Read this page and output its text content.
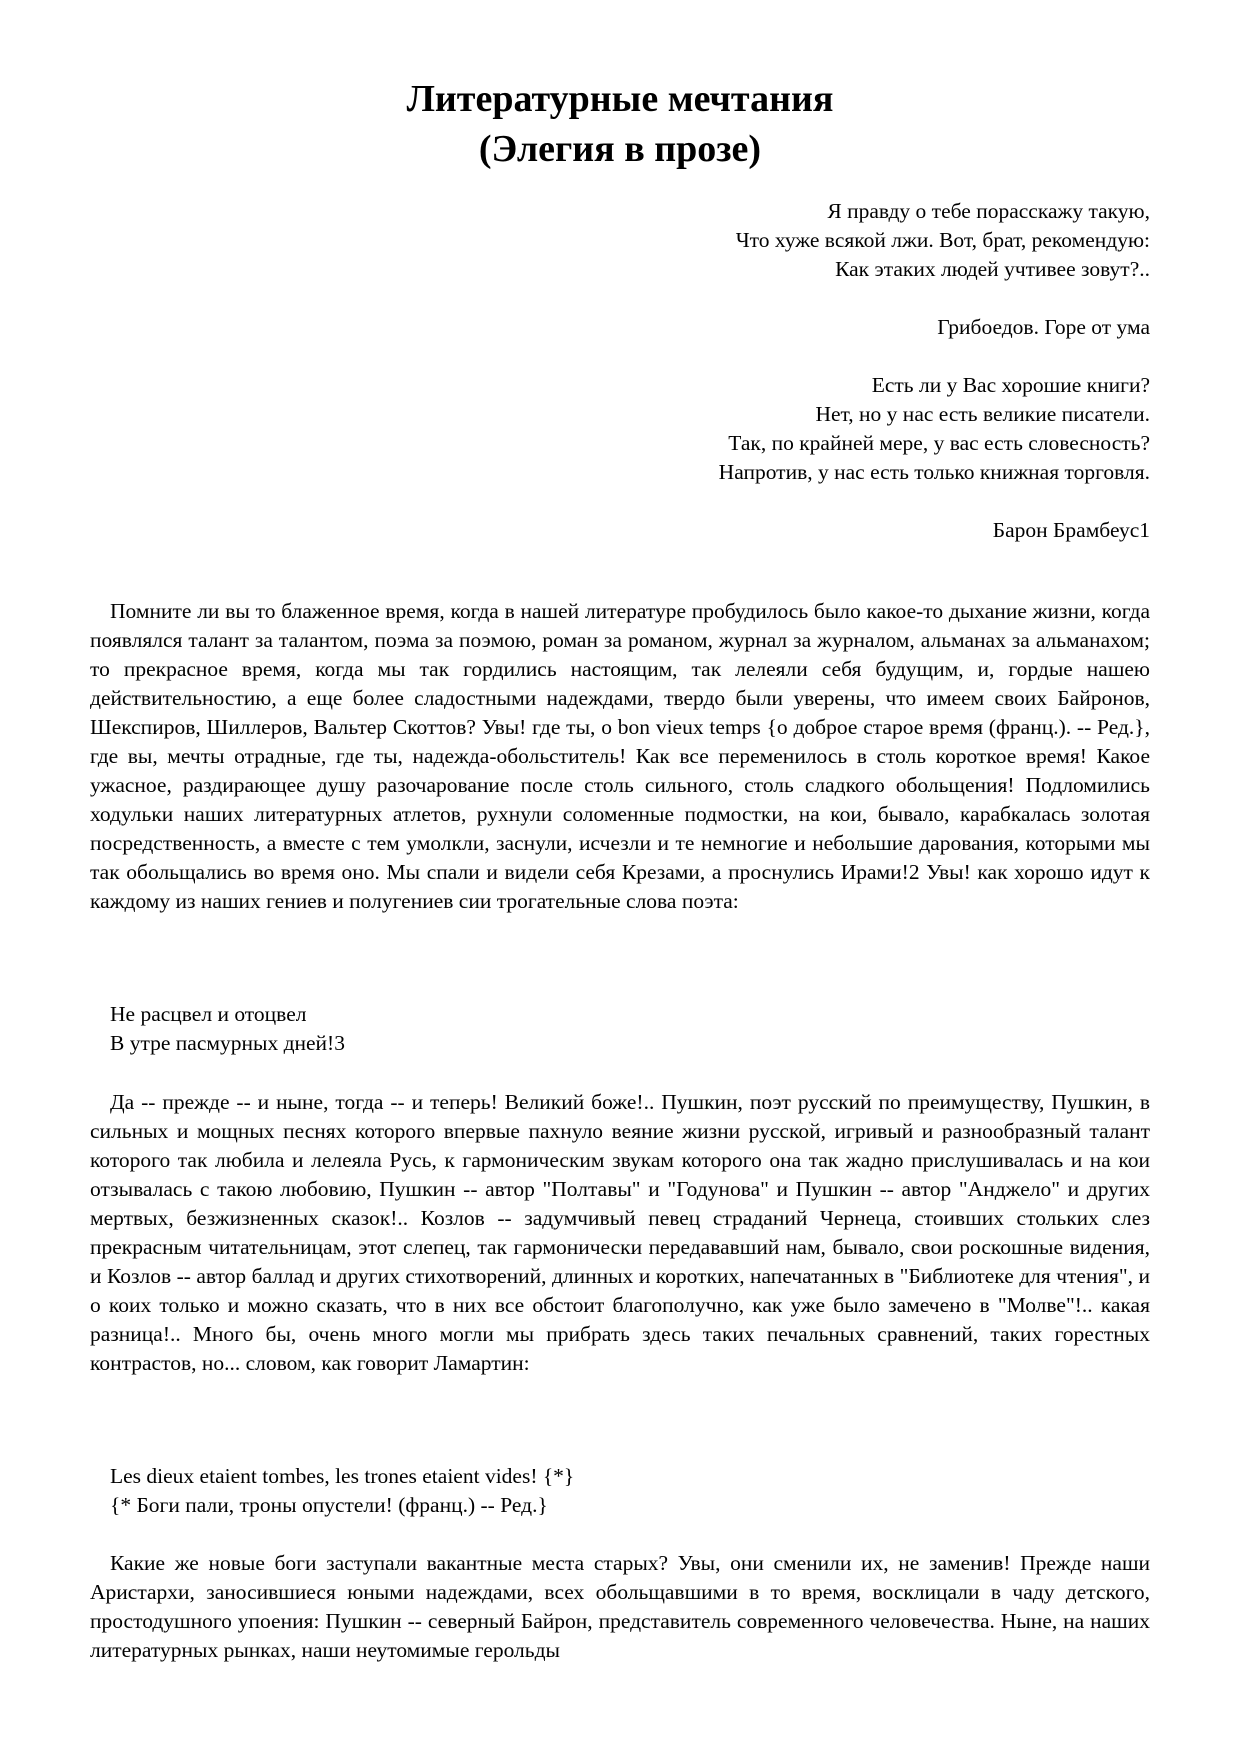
Литературные мечтания
(Элегия в прозе)
Я правду о тебе порасскажу такую,
Что хуже всякой лжи. Вот, брат, рекомендую:
Как этаких людей учтивее зовут?..
Грибоедов. Горе от ума
Есть ли у Вас хорошие книги?
Нет, но у нас есть великие писатели.
Так, по крайней мере, у вас есть словесность?
Напротив, у нас есть только книжная торговля.
Барон Брамбеус1

Помните ли вы то блаженное время, когда в нашей литературе пробудилось было какое-то дыхание жизни, когда появлялся талант за талантом, поэма за поэмою, роман за романом, журнал за журналом, альманах за альманахом; то прекрасное время, когда мы так гордились настоящим, так лелеяли себя будущим, и, гордые нашею действительностию, а еще более сладостными надеждами, твердо были уверены, что имеем своих Байронов, Шекспиров, Шиллеров, Вальтер Скоттов? Увы! где ты, о bon vieux temps {о доброе старое время (франц.). -- Ред.}, где вы, мечты отрадные, где ты, надежда-обольститель! Как все переменилось в столь короткое время! Какое ужасное, раздирающее душу разочарование после столь сильного, столь сладкого обольщения! Подломились ходульки наших литературных атлетов, рухнули соломенные подмостки, на кои, бывало, карабкалась золотая посредственность, а вместе с тем умолкли, заснули, исчезли и те немногие и небольшие дарования, которыми мы так обольщались во время оно. Мы спали и видели себя Крезами, а проснулись Ирами!2 Увы! как хорошо идут к каждому из наших гениев и полугениев сии трогательные слова поэта:

Не расцвел и отоцвел
В утре пасмурных дней!3

Да -- прежде -- и ныне, тогда -- и теперь! Великий боже!.. Пушкин, поэт русский по преимуществу, Пушкин, в сильных и мощных песнях которого впервые пахнуло веяние жизни русской, игривый и разнообразный талант которого так любила и лелеяла Русь, к гармоническим звукам которого она так жадно прислушивалась и на кои отзывалась с такою любовию, Пушкин -- автор "Полтавы" и "Годунова" и Пушкин -- автор "Анджело" и других мертвых, безжизненных сказок!.. Козлов -- задумчивый певец страданий Чернеца, стоивших стольких слез прекрасным читательницам, этот слепец, так гармонически передававший нам, бывало, свои роскошные видения, и Козлов -- автор баллад и других стихотворений, длинных и коротких, напечатанных в "Библиотеке для чтения", и о коих только и можно сказать, что в них все обстоит благополучно, как уже было замечено в "Молве"!.. какая разница!.. Много бы, очень много могли мы прибрать здесь таких печальных сравнений, таких горестных контрастов, но... словом, как говорит Ламартин:

Les dieux etaient tombes, les trones etaient vides! {*}
{* Боги пали, троны опустели! (франц.) -- Ред.}

Какие же новые боги заступали вакантные места старых? Увы, они сменили их, не заменив! Прежде наши Аристархи, заносившиеся юными надеждами, всех обольщавшими в то время, восклицали в чаду детского, простодушного упоения: Пушкин -- северный Байрон, представитель современного человечества. Ныне, на наших литературных рынках, наши неутомимые герольды
